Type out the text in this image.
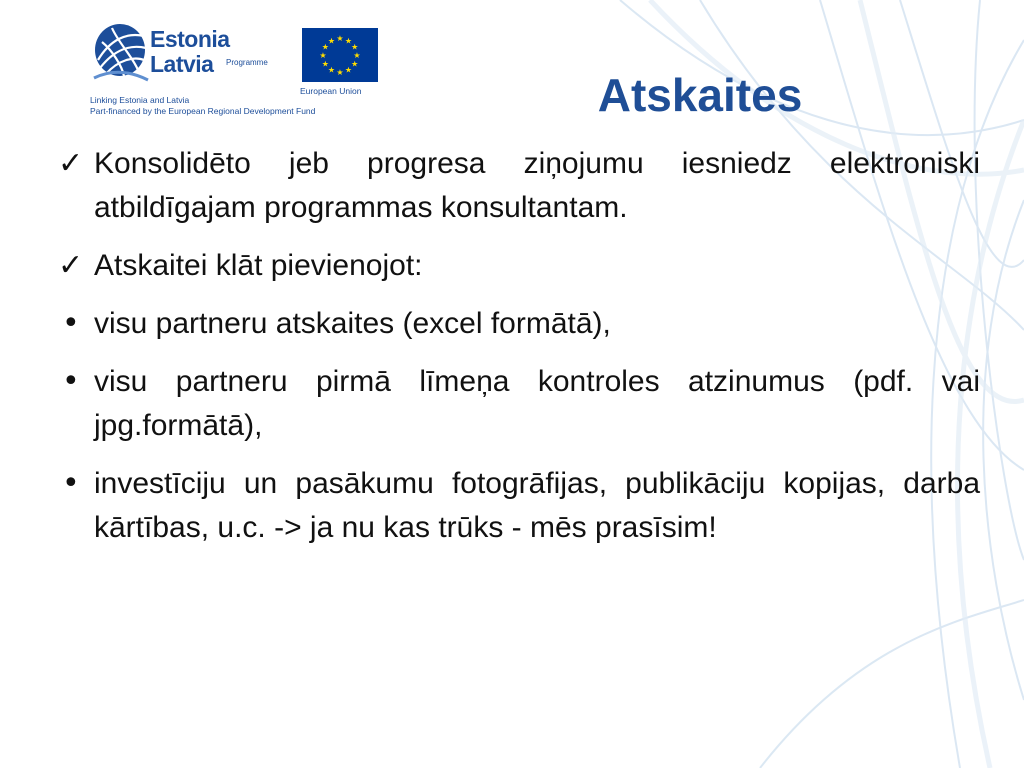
Estonia
Latvia Programme
Linking Estonia and Latvia
Part-financed by the European Regional Development Fund
★
★
★
★
★
★
★
★
★ ★ ★
★
European Union	Atskaites
✓ Konsolidēto jeb progresa ziņojumu iesniedz elektroniski atbildīgajam programmas konsultantam.
✓ Atskaitei klāt pievienojot:
• visu partneru atskaites (excel formātā),
• visu partneru pirmā līmeņa kontroles atzinumus (pdf. vai jpg.formātā),
• investīciju un pasākumu fotogrāfijas, publikāciju kopijas, darba kārtības, u.c. -> ja nu kas trūks - mēs prasīsim!
